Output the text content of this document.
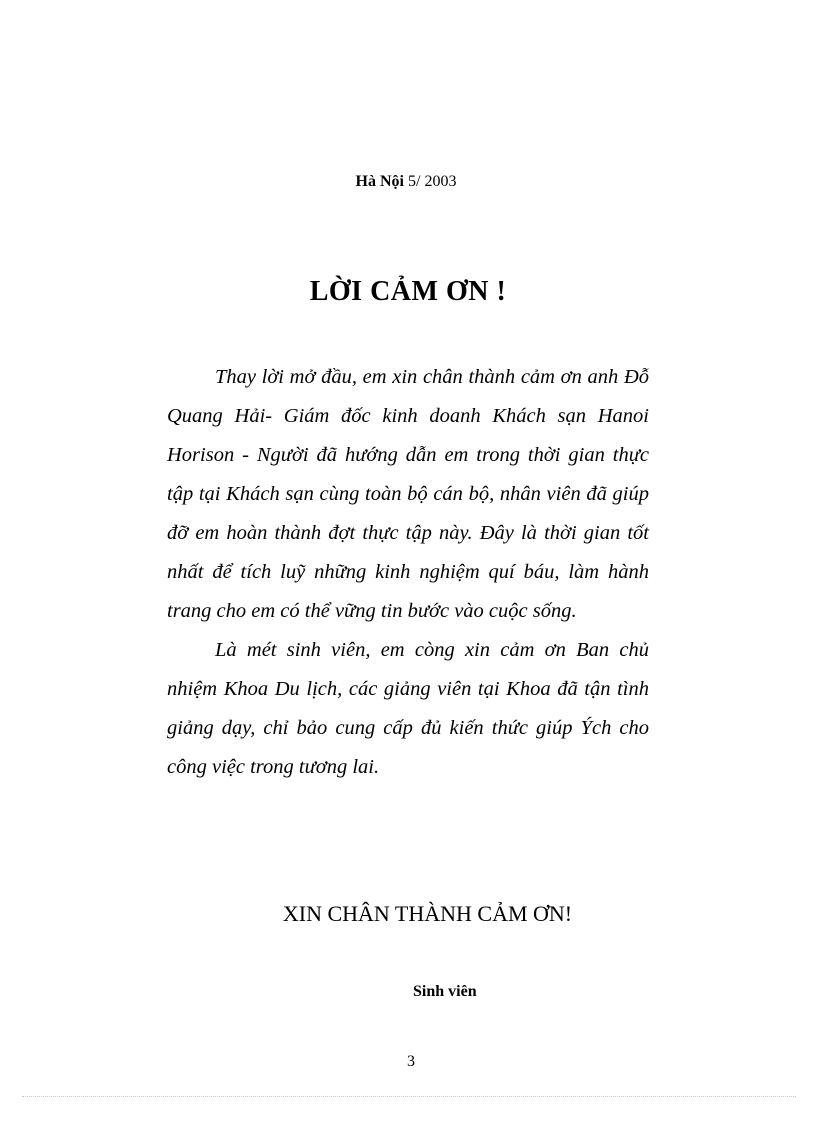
Hà Nội 5/ 2003
LỜI CẢM ƠN !

Thay lời mở đầu, em xin chân thành cảm ơn anh Đỗ Quang Hải- Giám đốc kinh doanh Khách sạn Hanoi Horison - Người đã hướng dẫn em trong thời gian thực tập tại Khách sạn cùng toàn bộ cán bộ, nhân viên đã giúp đỡ em hoàn thành đợt thực tập này. Đây là thời gian tốt nhất để tích luỹ những kinh nghiệm quí báu, làm hành trang cho em có thể vững tin bước vào cuộc sống.

Là mét sinh viên, em còng xin cảm ơn Ban chủ nhiệm Khoa Du lịch, các giảng viên tại Khoa đã tận tình giảng dạy, chỉ bảo cung cấp đủ kiến thức giúp Ých cho công việc trong tương lai.

XIN CHÂN THÀNH CẢM ƠN!
Sinh viên
3
